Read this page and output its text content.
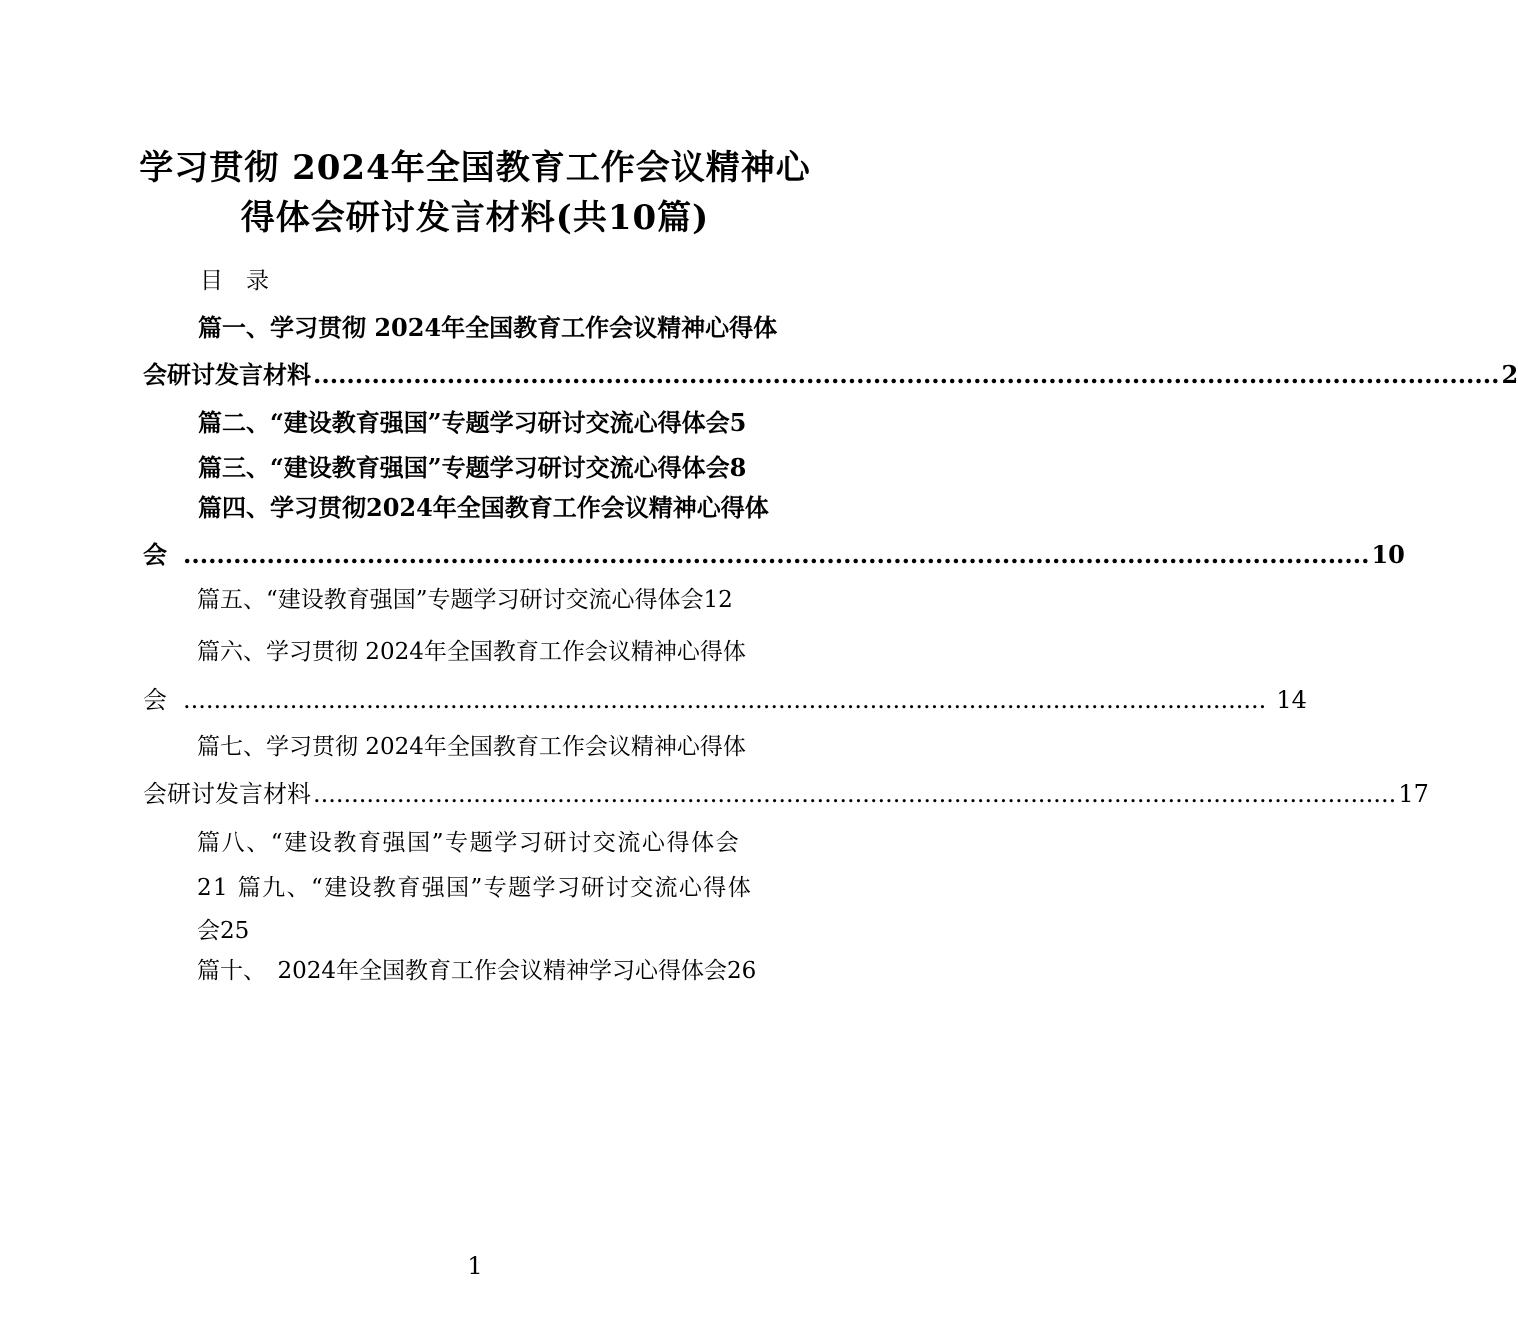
学习贯彻 2024年全国教育工作会议精神心
得体会研讨发言材料(共10篇)
目　录
篇一、学习贯彻 2024年全国教育工作会议精神心得体
会研讨发言材料 .............................................................................................................................................. 2
篇二、“建设教育强国”专题学习研讨交流心得体会5
篇三、“建设教育强国”专题学习研讨交流心得体会8
篇四、学习贯彻2024年全国教育工作会议精神心得体
会 .............................................................................................................................................. 10
篇五、“建设教育强国”专题学习研讨交流心得体会12
篇六、学习贯彻 2024年全国教育工作会议精神心得体
会 .............................................................................................................................................. 14
篇七、学习贯彻 2024年全国教育工作会议精神心得体
会研讨发言材料 .............................................................................................................................................. 17
篇八、“建设教育强国”专题学习研讨交流心得体会
21 篇九、“建设教育强国”专题学习研讨交流心得体
会25
篇十、　2024年全国教育工作会议精神学习心得体会26
1
